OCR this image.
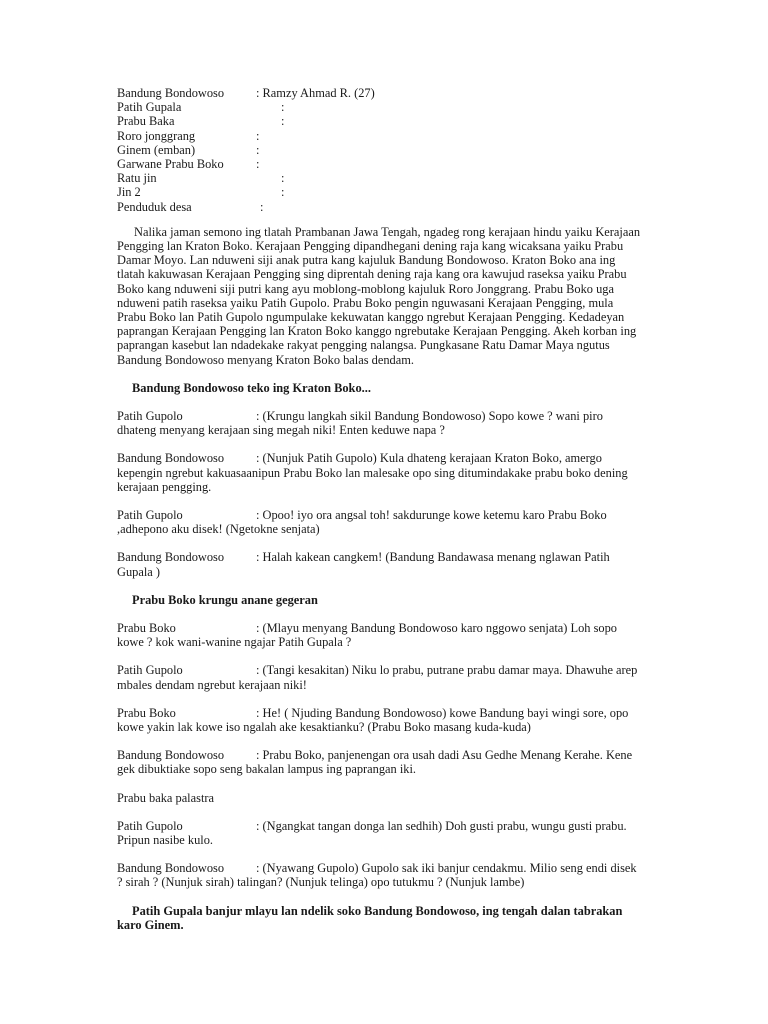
Bandung Bondowoso	: Ramzy Ahmad R. (27)
Patih Gupala	:
Prabu Baka	:
Roro jonggrang	:
Ginem (emban)	:
Garwane Prabu Boko	:
Ratu jin	:
Jin 2	:
Penduduk desa	:

Nalika jaman semono ing tlatah Prambanan Jawa Tengah, ngadeg rong kerajaan hindu yaiku Kerajaan Pengging lan Kraton Boko. Kerajaan Pengging dipandhegani dening raja kang wicaksana yaiku Prabu Damar Moyo. Lan nduweni siji anak putra kang kajuluk Bandung Bondowoso. Kraton Boko ana ing tlatah kakuwasan Kerajaan Pengging sing diprentah dening raja kang ora kawujud raseksa yaiku Prabu Boko kang nduweni siji putri kang ayu moblong-moblong kajuluk Roro Jonggrang. Prabu Boko uga nduweni patih raseksa yaiku Patih Gupolo. Prabu Boko pengin nguwasani Kerajaan Pengging, mula Prabu Boko lan Patih Gupolo ngumpulake kekuwatan kanggo ngrebut Kerajaan Pengging. Kedadeyan paprangan Kerajaan Pengging lan Kraton Boko kanggo ngrebutake Kerajaan Pengging. Akeh korban ing paprangan kasebut lan ndadekake rakyat pengging nalangsa. Pungkasane Ratu Damar Maya ngutus Bandung Bondowoso menyang Kraton Boko balas dendam.

Bandung Bondowoso teko ing Kraton Boko...

Patih Gupolo	: (Krungu langkah sikil Bandung Bondowoso) Sopo kowe ? wani piro dhateng menyang kerajaan sing megah niki! Enten keduwe napa ?
Bandung Bondowoso	: (Nunjuk Patih Gupolo) Kula dhateng kerajaan Kraton Boko, amergo kepengin ngrebut kakuasaanipun Prabu Boko lan malesake opo sing ditumindakake prabu boko dening kerajaan pengging.
Patih Gupolo	: Opoo! iyo ora angsal toh! sakdurunge kowe ketemu karo Prabu Boko ,adhepono aku disek! (Ngetokne senjata)
Bandung Bondowoso	: Halah kakean cangkem! (Bandung Bandawasa menang nglawan Patih Gupala )

Prabu Boko krungu anane gegeran

Prabu Boko	: (Mlayu menyang Bandung Bondowoso karo nggowo senjata) Loh sopo kowe ? kok wani-wanine ngajar Patih Gupala ?
Patih Gupolo	: (Tangi kesakitan) Niku lo prabu, putrane prabu damar maya. Dhawuhe arep mbales dendam ngrebut kerajaan niki!
Prabu Boko	: He! ( Njuding Bandung Bondowoso) kowe Bandung bayi wingi sore, opo kowe yakin lak kowe iso ngalah ake kesaktianku? (Prabu Boko masang kuda-kuda)
Bandung Bondowoso	: Prabu Boko, panjenengan ora usah dadi Asu Gedhe Menang Kerahe. Kene gek dibuktiake sopo seng bakalan lampus ing paprangan iki.

Prabu baka palastra

Patih Gupolo	: (Ngangkat tangan donga lan sedhih) Doh gusti prabu, wungu gusti prabu. Pripun nasibe kulo.
Bandung Bondowoso	: (Nyawang Gupolo) Gupolo sak iki banjur cendakmu. Milio seng endi disek ? sirah ? (Nunjuk sirah) talingan? (Nunjuk telinga) opo tutukmu ? (Nunjuk lambe)

Patih Gupala banjur mlayu lan ndelik soko Bandung Bondowoso, ing tengah dalan tabrakan karo Ginem.
